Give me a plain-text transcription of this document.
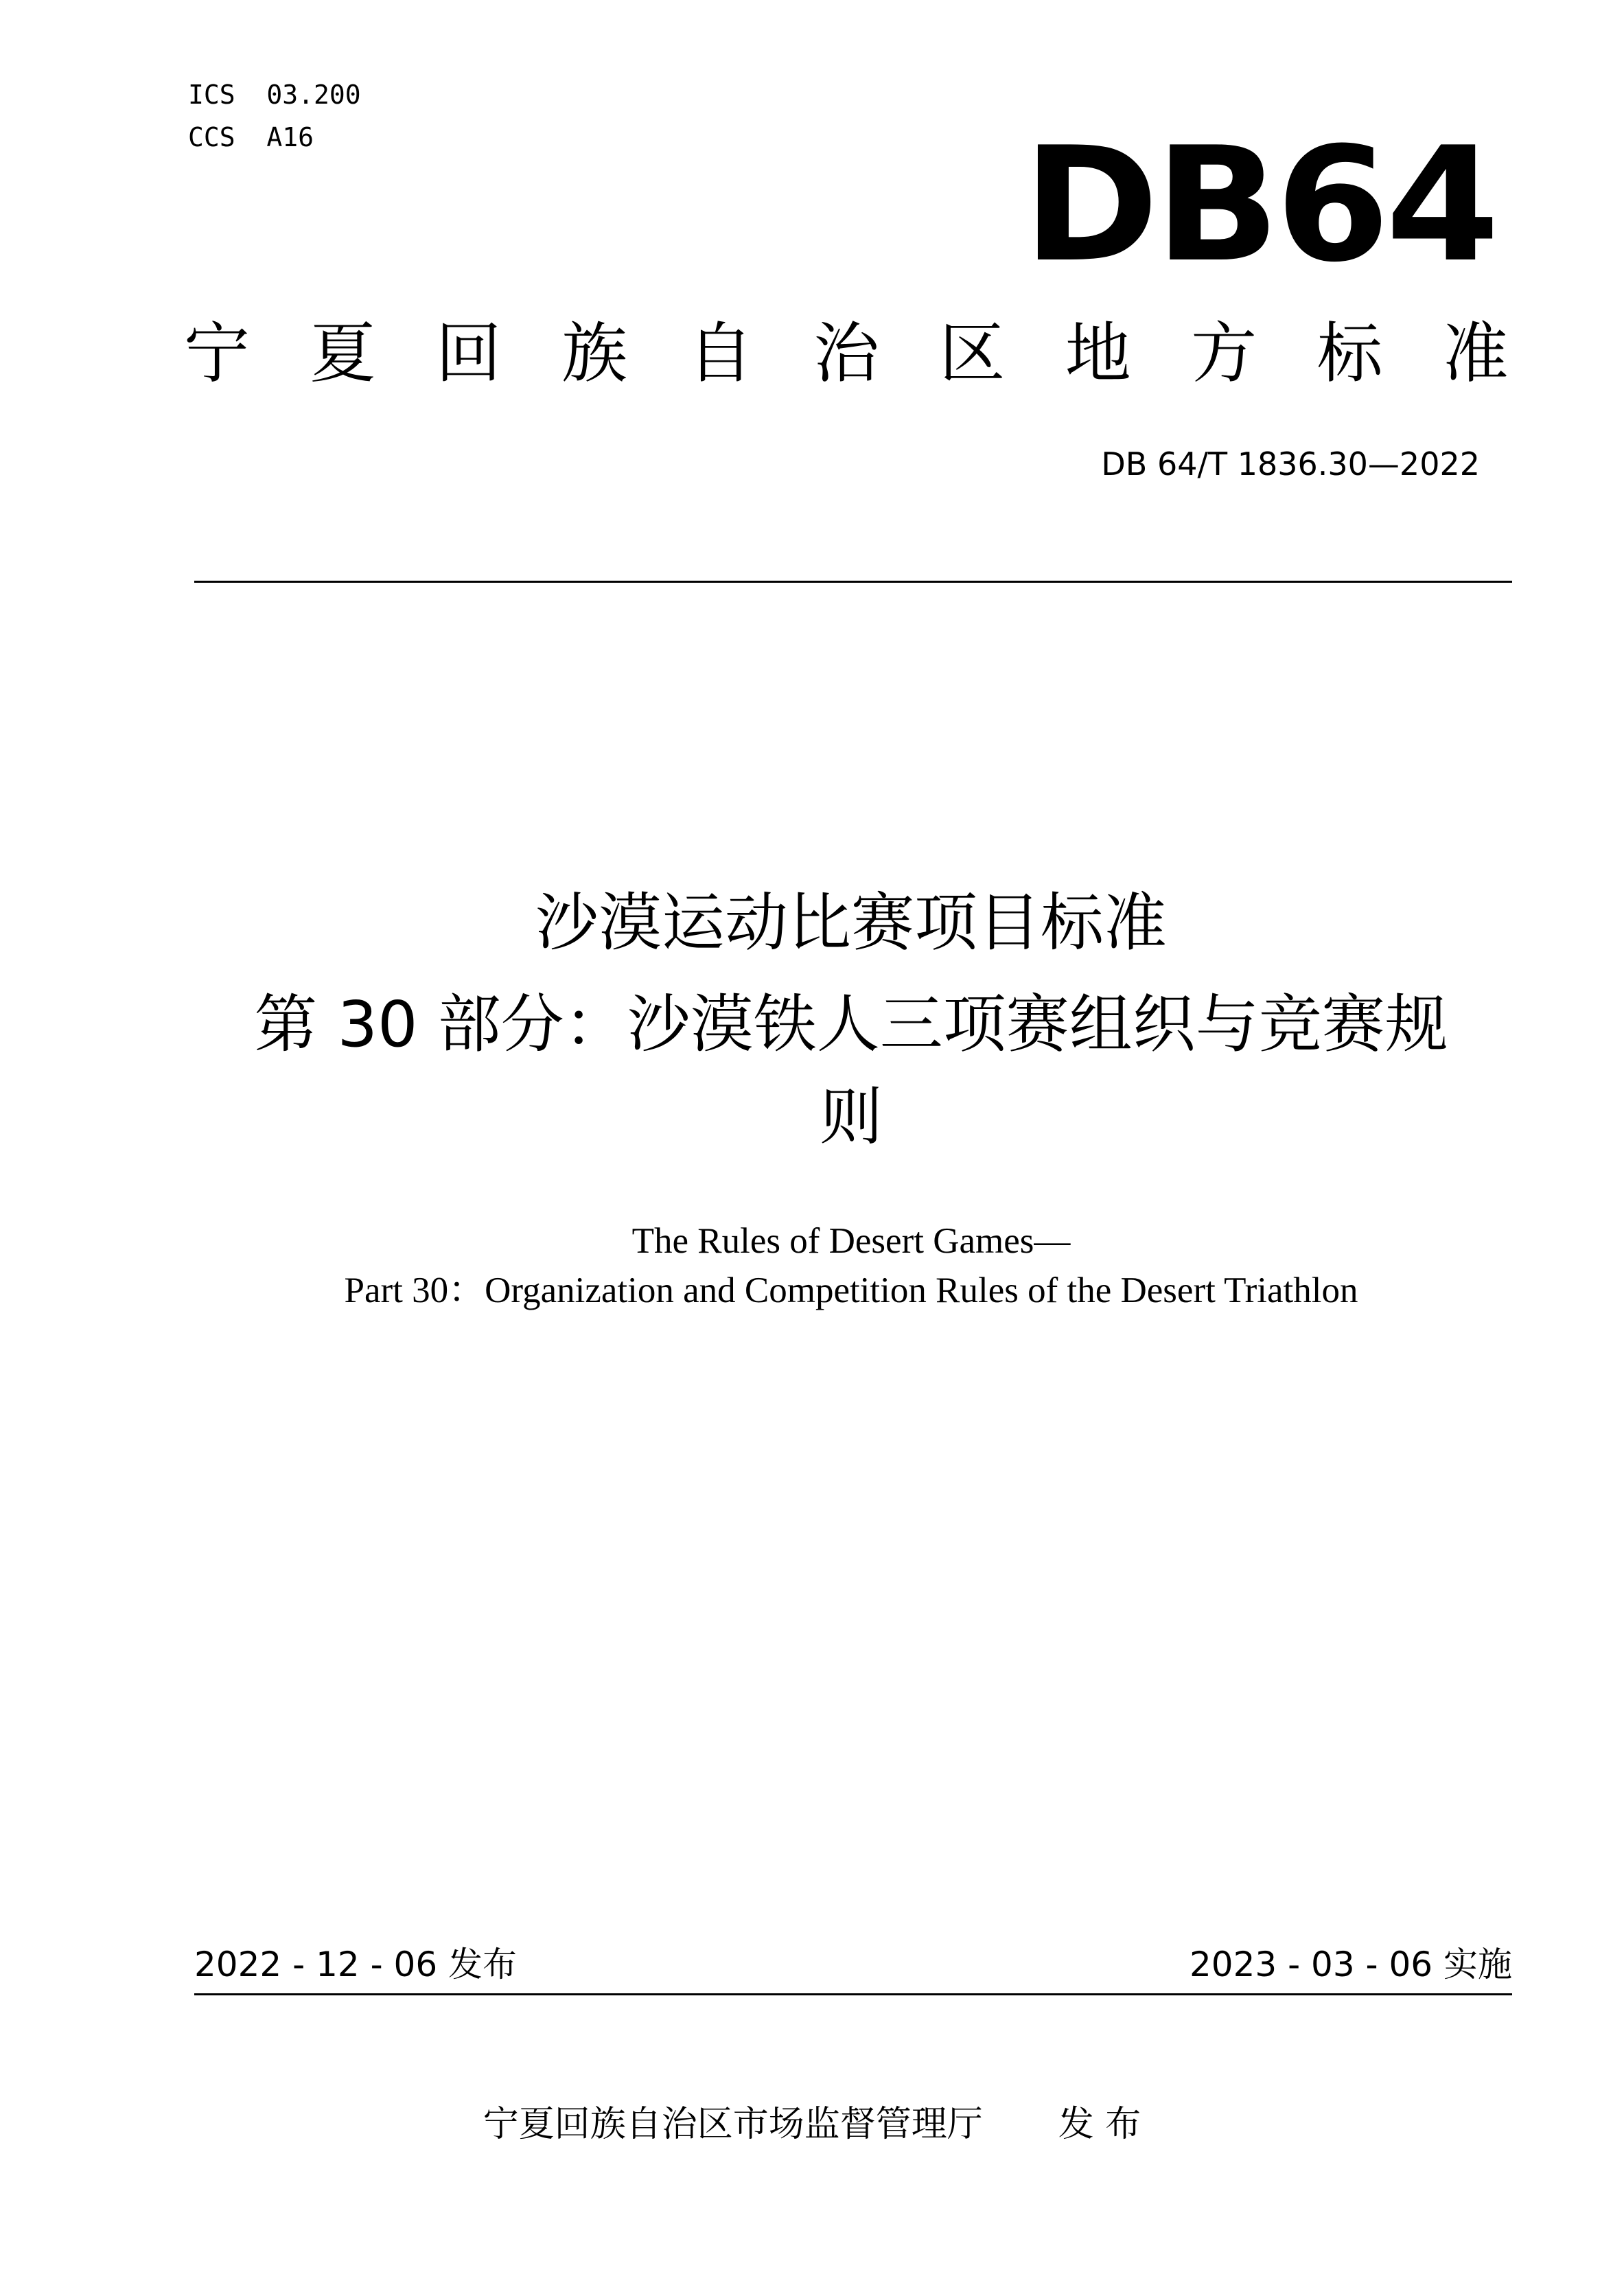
ICS  03.200
CCS  A16	DB64
宁 夏 回 族 自 治 区 地 方 标 准
DB 64/T 1836.30—2022
沙漠运动比赛项目标准
第 30 部分：沙漠铁人三项赛组织与竞赛规
则
The Rules of Desert Games—
Part 30：Organization and Competition Rules of the Desert Triathlon
2022 - 12 - 06 发布	2023 - 03 - 06 实施
宁夏回族自治区市场监督管理厅 发 布
